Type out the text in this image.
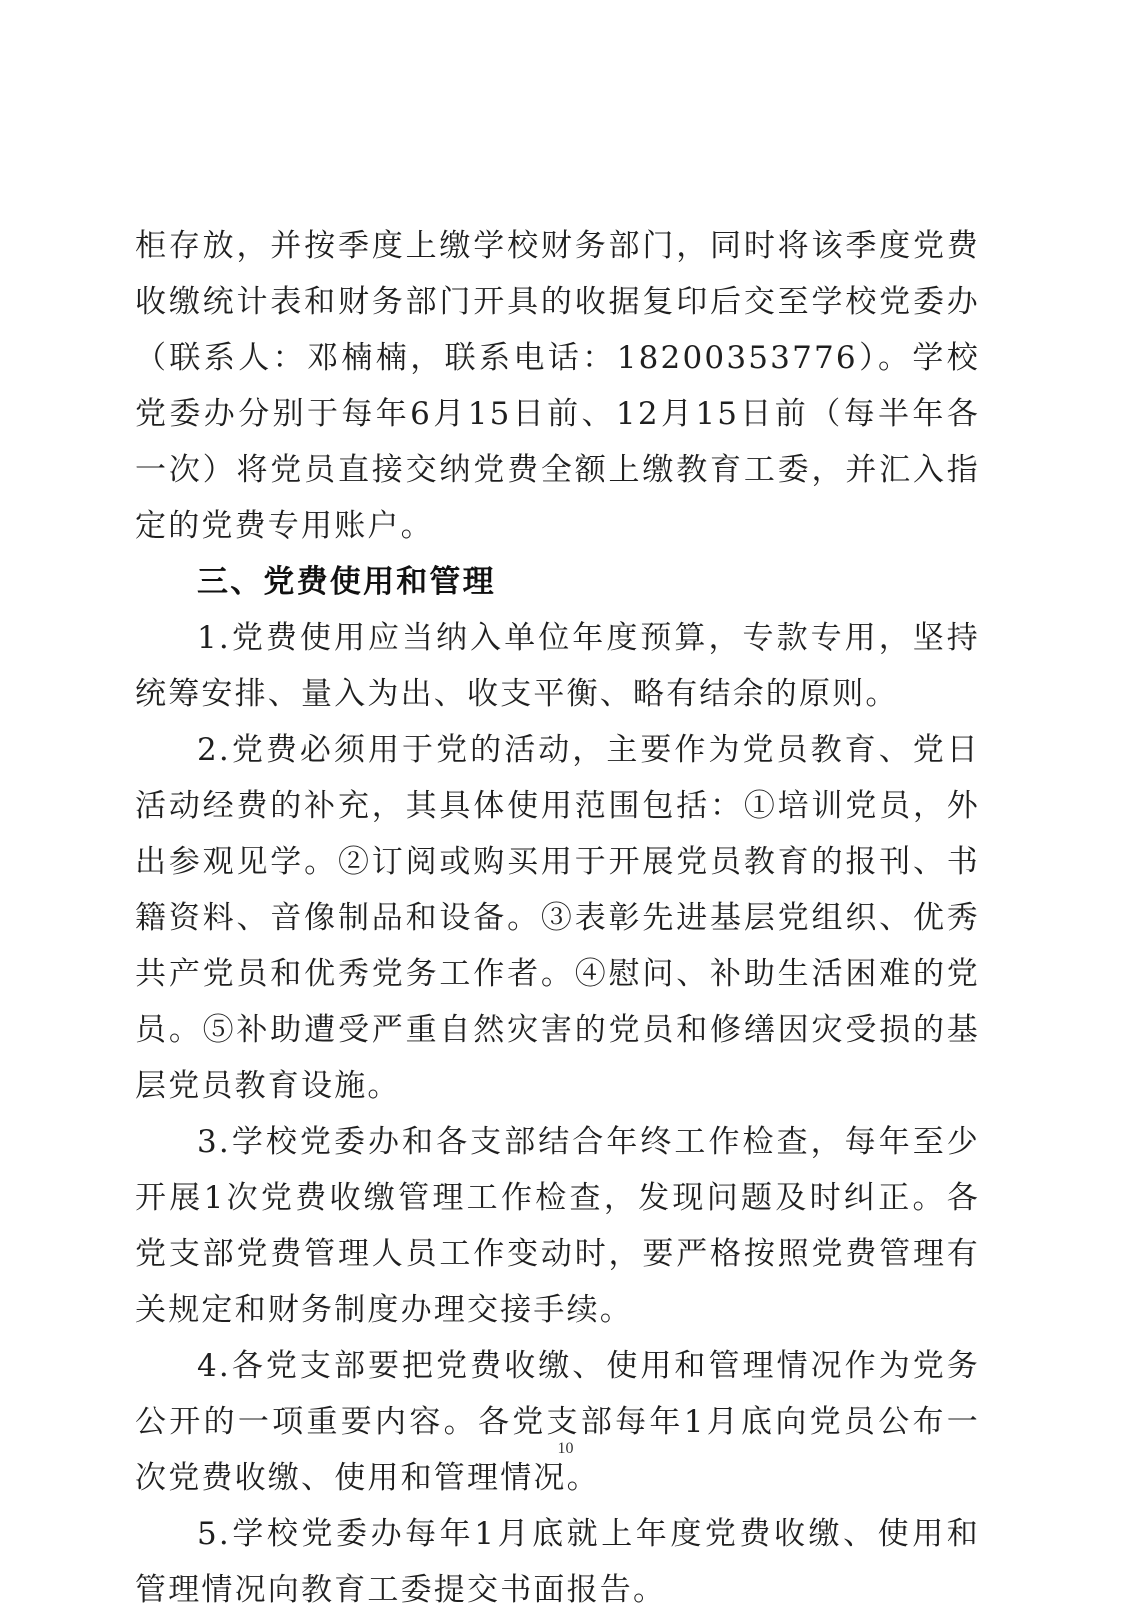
柜存放，并按季度上缴学校财务部门，同时将该季度党费收缴统计表和财务部门开具的收据复印后交至学校党委办（联系人：邓楠楠，联系电话：18200353776）。学校党委办分别于每年6月15日前、12月15日前（每半年各一次）将党员直接交纳党费全额上缴教育工委，并汇入指定的党费专用账户。

三、党费使用和管理

1.党费使用应当纳入单位年度预算，专款专用，坚持统筹安排、量入为出、收支平衡、略有结余的原则。

2.党费必须用于党的活动，主要作为党员教育、党日活动经费的补充，其具体使用范围包括：①培训党员，外出参观见学。②订阅或购买用于开展党员教育的报刊、书籍资料、音像制品和设备。③表彰先进基层党组织、优秀共产党员和优秀党务工作者。④慰问、补助生活困难的党员。⑤补助遭受严重自然灾害的党员和修缮因灾受损的基层党员教育设施。

3.学校党委办和各支部结合年终工作检查，每年至少开展1次党费收缴管理工作检查，发现问题及时纠正。各党支部党费管理人员工作变动时，要严格按照党费管理有关规定和财务制度办理交接手续。

4.各党支部要把党费收缴、使用和管理情况作为党务公开的一项重要内容。各党支部每年1月底向党员公布一次党费收缴、使用和管理情况。

5.学校党委办每年1月底就上年度党费收缴、使用和管理情况向教育工委提交书面报告。

10
